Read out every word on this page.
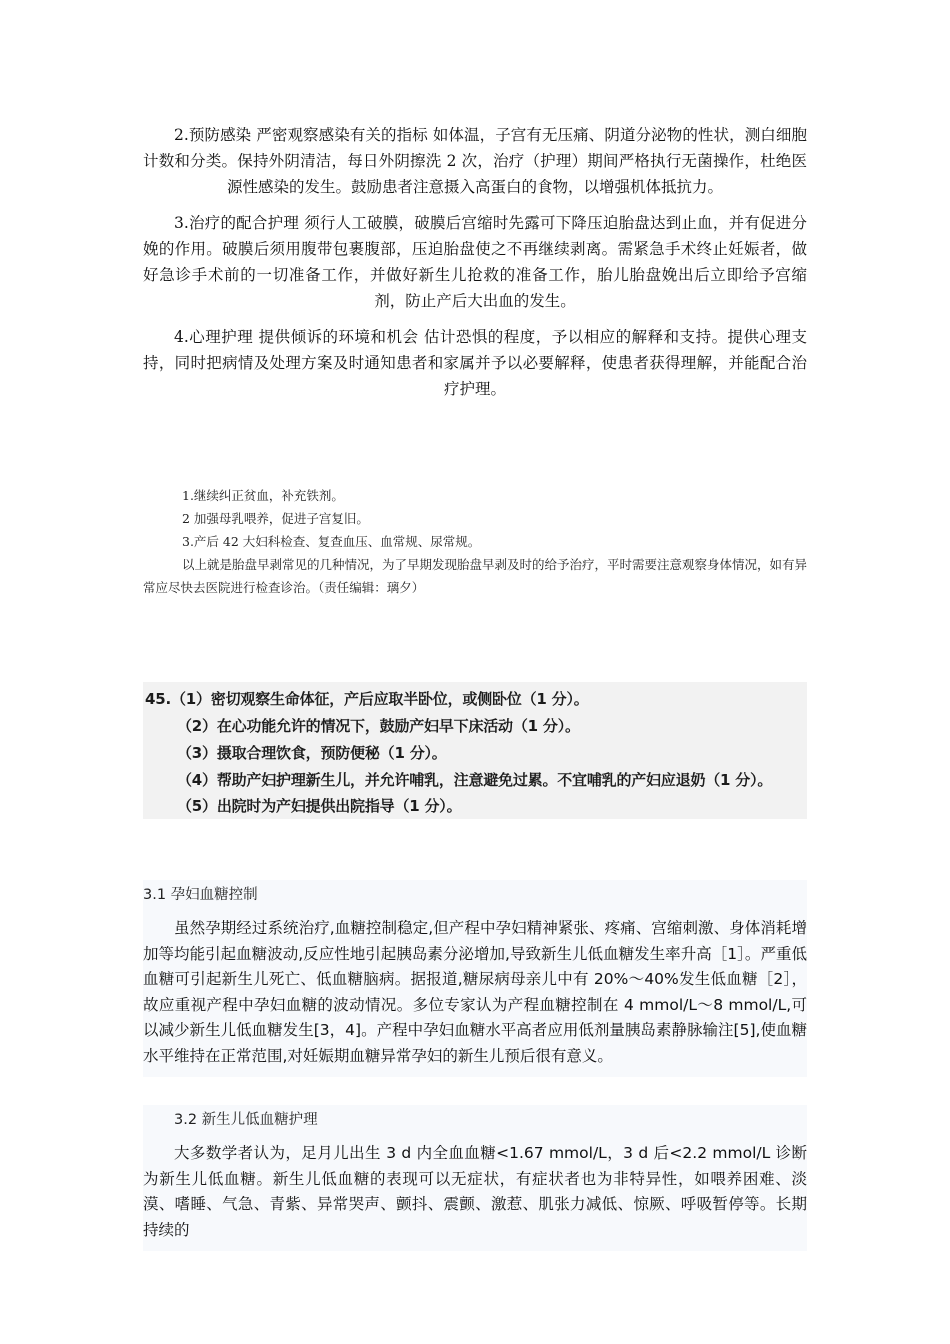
2.预防感染 严密观察感染有关的指标 如体温，子宫有无压痛、阴道分泌物的性状，测白细胞计数和分类。保持外阴清洁，每日外阴擦洗 2 次，治疗（护理）期间严格执行无菌操作，杜绝医源性感染的发生。鼓励患者注意摄入高蛋白的食物，以增强机体抵抗力。

3.治疗的配合护理 须行人工破膜，破膜后宫缩时先露可下降压迫胎盘达到止血，并有促进分娩的作用。破膜后须用腹带包裹腹部，压迫胎盘使之不再继续剥离。需紧急手术终止妊娠者，做好急诊手术前的一切准备工作，并做好新生儿抢救的准备工作，胎儿胎盘娩出后立即给予宫缩剂，防止产后大出血的发生。

4.心理护理 提供倾诉的环境和机会 估计恐惧的程度，予以相应的解释和支持。提供心理支持，同时把病情及处理方案及时通知患者和家属并予以必要解释，使患者获得理解，并能配合治疗护理。

1.继续纠正贫血，补充铁剂。

2 加强母乳喂养，促进子宫复旧。

3.产后 42 大妇科检查、复查血压、血常规、尿常规。

以上就是胎盘早剥常见的几种情况，为了早期发现胎盘早剥及时的给予治疗，平时需要注意观察身体情况，如有异常应尽快去医院进行检查诊治。（责任编辑：璃夕）

45.（1）密切观察生命体征，产后应取半卧位，或侧卧位（1 分）。
（2）在心功能允许的情况下，鼓励产妇早下床活动（1 分）。
（3）摄取合理饮食，预防便秘（1 分）。
（4）帮助产妇护理新生儿，并允许哺乳，注意避免过累。不宜哺乳的产妇应退奶（1 分）。
（5）出院时为产妇提供出院指导（1 分）。

3.1 孕妇血糖控制

虽然孕期经过系统治疗,血糖控制稳定,但产程中孕妇精神紧张、疼痛、宫缩刺激、身体消耗增加等均能引起血糖波动,反应性地引起胰岛素分泌增加,导致新生儿低血糖发生率升高［1］。严重低血糖可引起新生儿死亡、低血糖脑病。据报道,糖尿病母亲儿中有 20%～40%发生低血糖［2］，故应重视产程中孕妇血糖的波动情况。多位专家认为产程血糖控制在 4 mmol/L～8 mmol/L,可以减少新生儿低血糖发生[3，4]。产程中孕妇血糖水平高者应用低剂量胰岛素静脉输注[5],使血糖水平维持在正常范围,对妊娠期血糖异常孕妇的新生儿预后很有意义。

3.2 新生儿低血糖护理

大多数学者认为，足月儿出生 3 d 内全血血糖<1.67 mmol/L，3 d 后<2.2 mmol/L 诊断为新生儿低血糖。新生儿低血糖的表现可以无症状，有症状者也为非特异性，如喂养困难、淡漠、嗜睡、气急、青紫、异常哭声、颤抖、震颤、激惹、肌张力减低、惊厥、呼吸暂停等。长期持续的
